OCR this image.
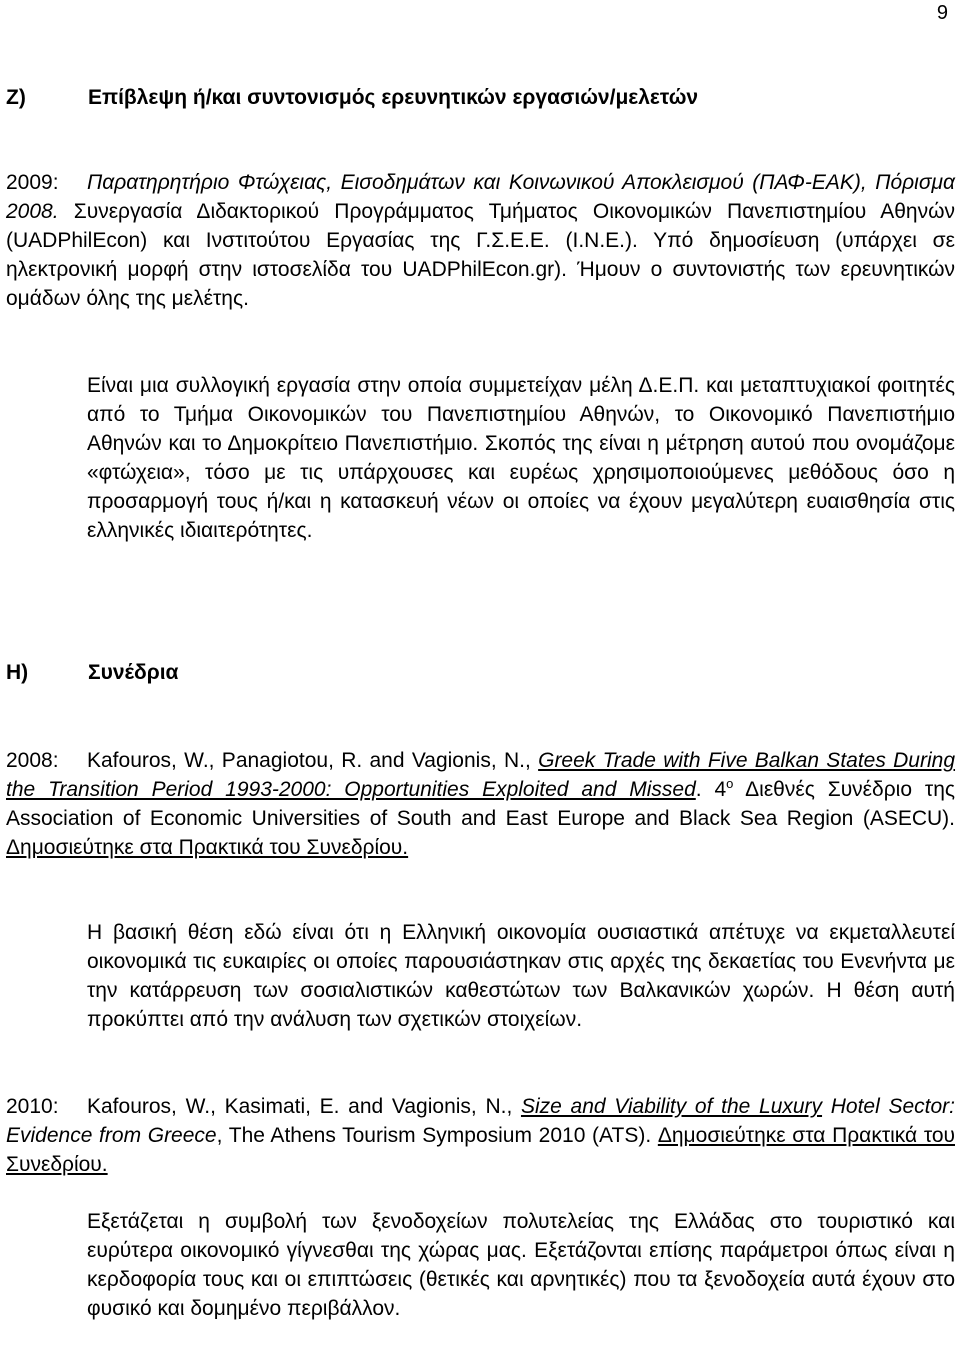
9
Ζ)	Επίβλεψη ή/και συντονισμός ερευνητικών εργασιών/μελετών

2009: Παρατηρητήριο Φτώχειας, Εισοδημάτων και Κοινωνικού Αποκλεισμού (ΠΑΦ-ΕΑΚ), Πόρισμα 2008. Συνεργασία Διδακτορικού Προγράμματος Τμήματος Οικονομικών Πανεπιστημίου Αθηνών (UADPhilEcon) και Ινστιτούτου Εργασίας της Γ.Σ.Ε.Ε. (Ι.Ν.Ε.). Υπό δημοσίευση (υπάρχει σε ηλεκτρονική μορφή στην ιστοσελίδα του UADPhilEcon.gr). Ήμουν ο συντονιστής των ερευνητικών ομάδων όλης της μελέτης.

Είναι μια συλλογική εργασία στην οποία συμμετείχαν μέλη Δ.Ε.Π. και μεταπτυχιακοί φοιτητές από το Τμήμα Οικονομικών του Πανεπιστημίου Αθηνών, το Οικονομικό Πανεπιστήμιο Αθηνών και το Δημοκρίτειο Πανεπιστήμιο. Σκοπός της είναι η μέτρηση αυτού που ονομάζομε «φτώχεια», τόσο με τις υπάρχουσες και ευρέως χρησιμοποιούμενες μεθόδους όσο η προσαρμογή τους ή/και η κατασκευή νέων οι οποίες να έχουν μεγαλύτερη ευαισθησία στις ελληνικές ιδιαιτερότητες.

Η)	Συνέδρια

2008: Kafouros, W., Panagiotou, R. and Vagionis, N., Greek Trade with Five Balkan States During the Transition Period 1993-2000: Opportunities Exploited and Missed. $4^o$ Διεθνές Συνέδριο της Association of Economic Universities of South and East Europe and Black Sea Region (ASECU). Δημοσιεύτηκε στα Πρακτικά του Συνεδρίου.

Η βασική θέση εδώ είναι ότι η Ελληνική οικονομία ουσιαστικά απέτυχε να εκμεταλλευτεί οικονομικά τις ευκαιρίες οι οποίες παρουσιάστηκαν στις αρχές της δεκαετίας του Ενενήντα με την κατάρρευση των σοσιαλιστικών καθεστώτων των Βαλκανικών χωρών. Η θέση αυτή προκύπτει από την ανάλυση των σχετικών στοιχείων.

2010: Kafouros, W., Kasimati, E. and Vagionis, N., Size and Viability of the Luxury Hotel Sector: Evidence from Greece, The Athens Tourism Symposium 2010 (ATS). Δημοσιεύτηκε στα Πρακτικά του Συνεδρίου.

Εξετάζεται η συμβολή των ξενοδοχείων πολυτελείας της Ελλάδας στο τουριστικό και ευρύτερα οικονομικό γίγνεσθαι της χώρας μας. Εξετάζονται επίσης παράμετροι όπως είναι η κερδοφορία τους και οι επιπτώσεις (θετικές και αρνητικές) που τα ξενοδοχεία αυτά έχουν στο φυσικό και δομημένο περιβάλλον.
